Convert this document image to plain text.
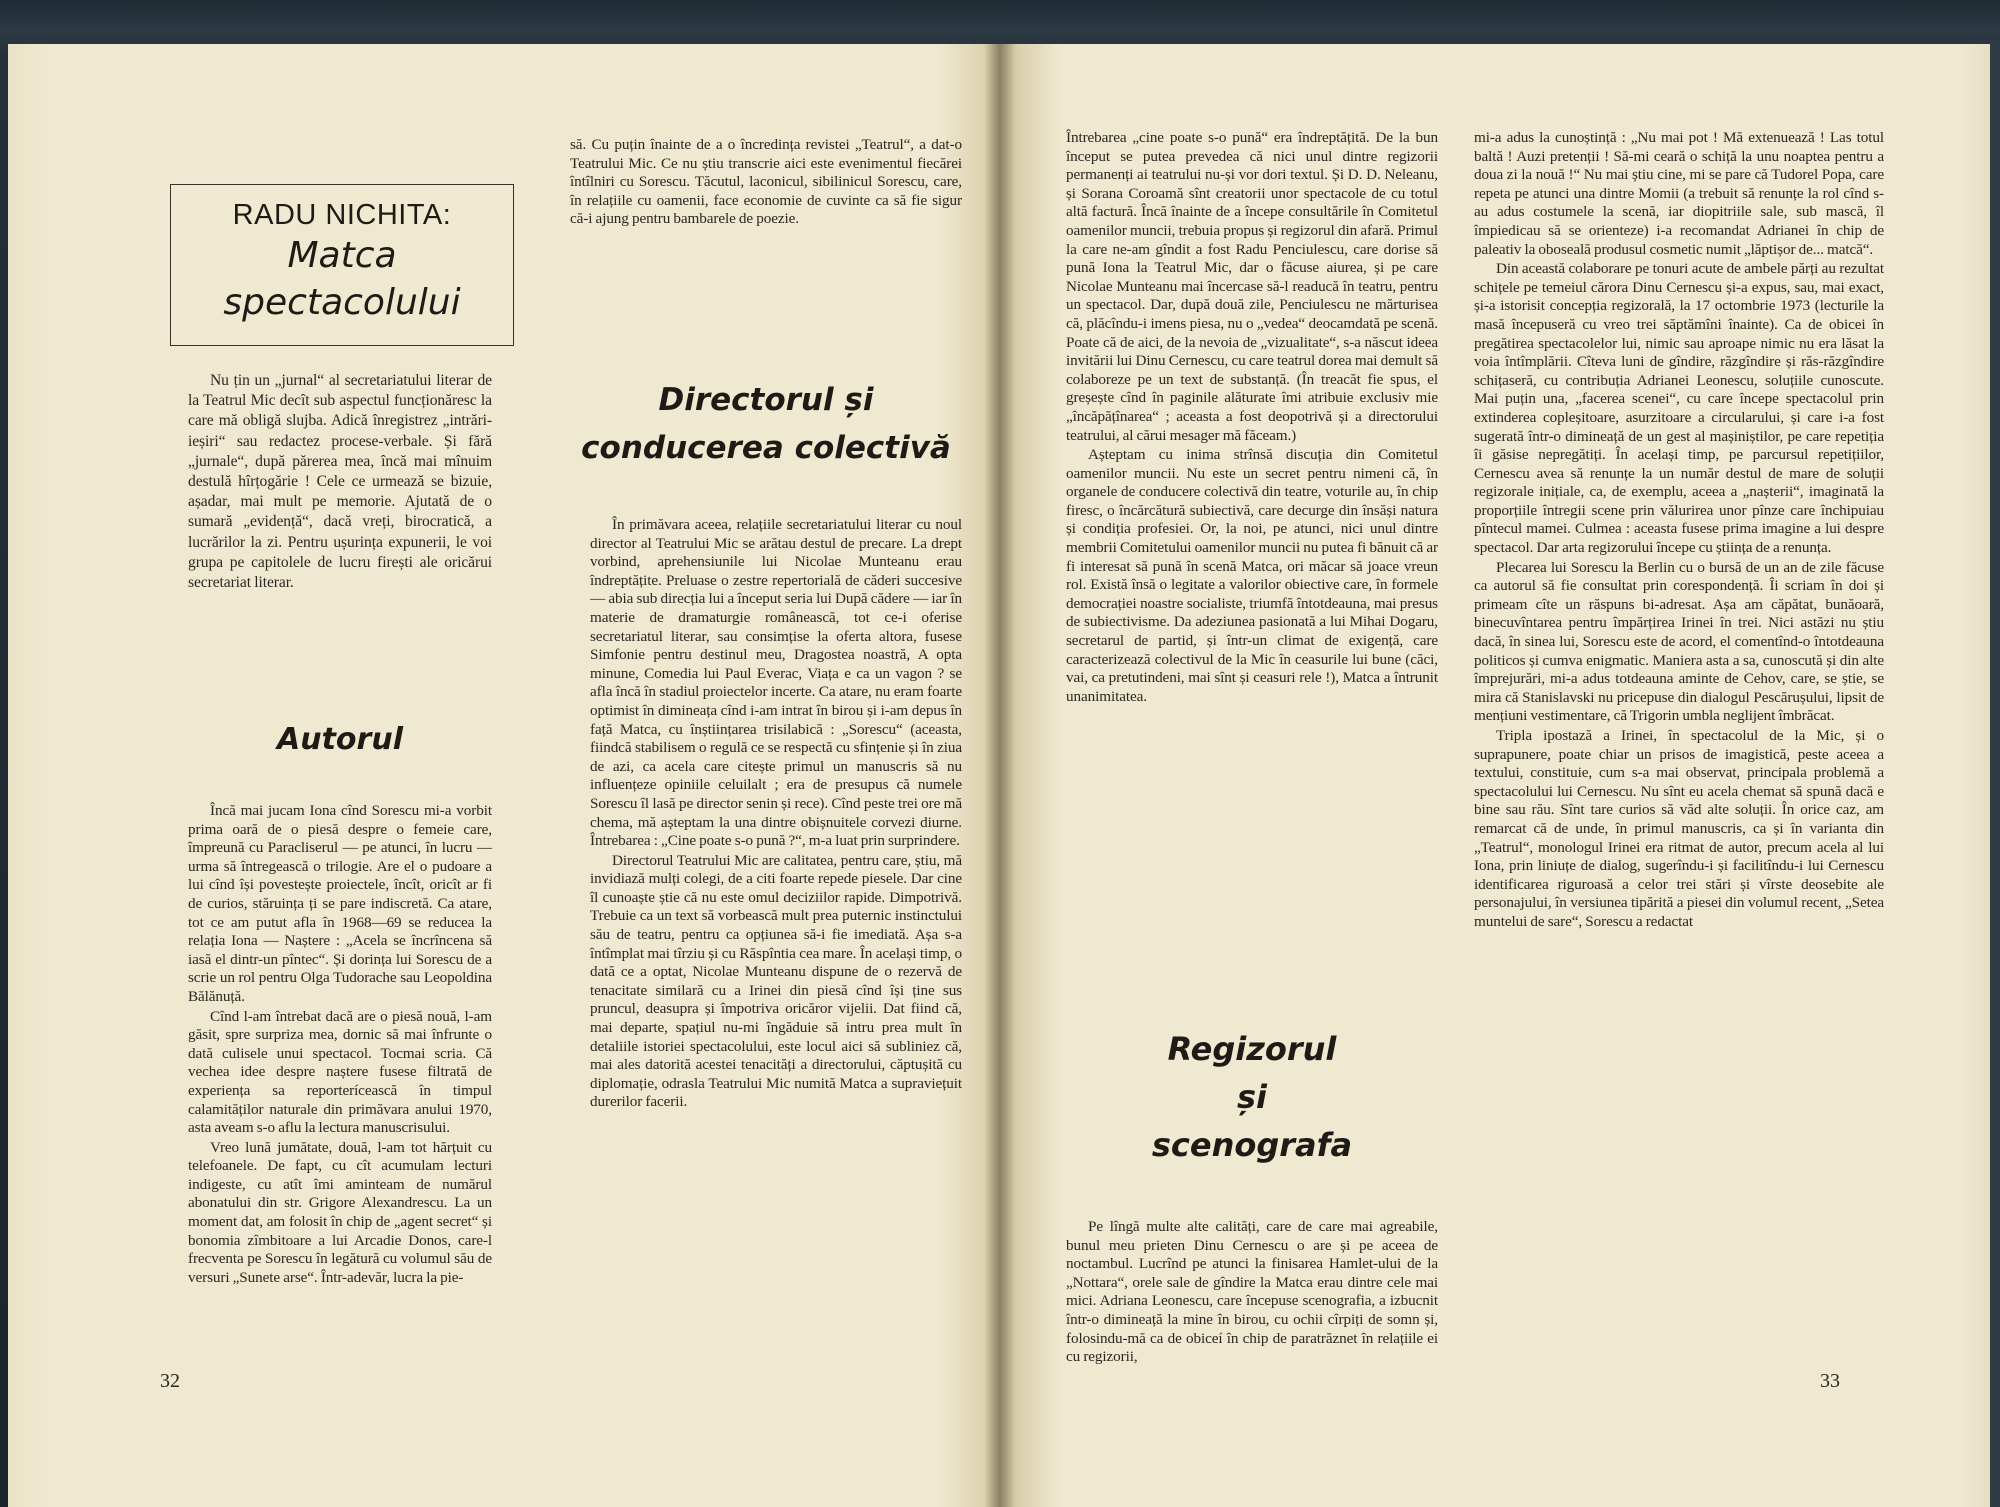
RADU NICHITA:
Matca
spectacolului

Nu țin un „jurnal“ al secretariatului literar de la Teatrul Mic decît sub aspectul funcționăresc la care mă obligă slujba. Adică înregistrez „intrări-ieșiri“ sau redactez procese-verbale. Și fără „jurnale“, după părerea mea, încă mai mînuim destulă hîrțogărie ! Cele ce urmează se bizuie, așadar, mai mult pe memorie. Ajutată de o sumară „evidență“, dacă vreți, birocratică, a lucrărilor la zi. Pentru ușurința expunerii, le voi grupa pe capitolele de lucru firești ale oricărui secretariat literar.

Autorul

Încă mai jucam Iona cînd Sorescu mi-a vorbit prima oară de o piesă despre o femeie care, împreună cu Paracliserul — pe atunci, în lucru — urma să întregească o trilogie. Are el o pudoare a lui cînd își povestește proiectele, încît, oricît ar fi de curios, stăruința ți se pare indiscretă. Ca atare, tot ce am putut afla în 1968—69 se reducea la relația Iona — Naștere : „Acela se încrîncena să iasă el dintr-un pîntec“. Și dorința lui Sorescu de a scrie un rol pentru Olga Tudorache sau Leopoldina Bălănuță.

Cînd l-am întrebat dacă are o piesă nouă, l-am găsit, spre surpriza mea, dornic să mai înfrunte o dată culisele unui spectacol. Tocmai scria. Că vechea idee despre naștere fusese filtrată de experiența sa reporterícească în timpul calamităților naturale din primăvara anului 1970, asta aveam s-o aflu la lectura manuscrisului.

Vreo lună jumătate, două, l-am tot hărțuit cu telefoanele. De fapt, cu cît acumulam lecturi indigeste, cu atît îmi aminteam de numărul abonatului din str. Grigore Alexandrescu. La un moment dat, am folosit în chip de „agent secret“ și bonomia zîmbitoare a lui Arcadie Donos, care-l frecventa pe Sorescu în legătură cu volumul său de versuri „Sunete arse“. Într-adevăr, lucra la pie-

să. Cu puțin înainte de a o încredința revistei „Teatrul“, a dat-o Teatrului Mic. Ce nu știu transcrie aici este evenimentul fiecărei întîlniri cu Sorescu. Tăcutul, laconicul, sibilinicul Sorescu, care, în relațiile cu oamenii, face economie de cuvinte ca să fie sigur că-i ajung pentru bambarele de poezie.

Directorul și
conducerea colectivă

În primăvara aceea, relațiile secretariatului literar cu noul director al Teatrului Mic se arătau destul de precare. La drept vorbind, aprehensiunile lui Nicolae Munteanu erau îndreptățite. Preluase o zestre repertorială de căderi succesive — abia sub direcția lui a început seria lui După cădere — iar în materie de dramaturgie românească, tot ce-i oferise secretariatul literar, sau consimțise la oferta altora, fusese Simfonie pentru destinul meu, Dragostea noastră, A opta minune, Comedia lui Paul Everac, Viața e ca un vagon ? se afla încă în stadiul proiectelor incerte. Ca atare, nu eram foarte optimist în dimineața cînd i-am intrat în birou și i-am depus în față Matca, cu înștiințarea trisilabică : „Sorescu“ (aceasta, fiindcă stabilisem o regulă ce se respectă cu sfințenie și în ziua de azi, ca acela care citește primul un manuscris să nu influențeze opiniile celuilalt ; era de presupus că numele Sorescu îl lasă pe director senin și rece). Cînd peste trei ore mă chema, mă așteptam la una dintre obișnuitele corvezi diurne. Întrebarea : „Cine poate s-o pună ?“, m-a luat prin surprindere.

Directorul Teatrului Mic are calitatea, pentru care, știu, mă invidiază mulți colegi, de a citi foarte repede piesele. Dar cine îl cunoaște știe că nu este omul deciziilor rapide. Dimpotrivă. Trebuie ca un text să vorbească mult prea puternic instinctului său de teatru, pentru ca opțiunea să-i fie imediată. Așa s-a întîmplat mai tîrziu și cu Răspîntia cea mare. În același timp, o dată ce a optat, Nicolae Munteanu dispune de o rezervă de tenacitate similară cu a Irinei din piesă cînd își ține sus pruncul, deasupra și împotriva oricăror vijelii. Dat fiind că, mai departe, spațiul nu-mi îngăduie să intru prea mult în detaliile istoriei spectacolului, este locul aici să subliniez că, mai ales datorită acestei tenacități a directorului, căptușită cu diplomație, odrasla Teatrului Mic numită Matca a supraviețuit durerilor facerii.

32

Întrebarea „cine poate s-o pună“ era îndreptățită. De la bun început se putea prevedea că nici unul dintre regizorii permanenți ai teatrului nu-și vor dori textul. Și D. D. Neleanu, și Sorana Coroamă sînt creatorii unor spectacole de cu totul altă factură. Încă înainte de a începe consultările în Comitetul oamenilor muncii, trebuia propus și regizorul din afară. Primul la care ne-am gîndit a fost Radu Penciulescu, care dorise să pună Iona la Teatrul Mic, dar o făcuse aiurea, și pe care Nicolae Munteanu mai încercase să-l readucă în teatru, pentru un spectacol. Dar, după două zile, Penciulescu ne mărturisea că, plăcîndu-i imens piesa, nu o „vedea“ deocamdată pe scenă. Poate că de aici, de la nevoia de „vizualitate“, s-a născut ideea invitării lui Dinu Cernescu, cu care teatrul dorea mai demult să colaboreze pe un text de substanță. (În treacăt fie spus, el greșește cînd în paginile alăturate îmi atribuie exclusiv mie „încăpățînarea“ ; aceasta a fost deopotrivă și a directorului teatrului, al cărui mesager mă făceam.)

Așteptam cu inima strînsă discuția din Comitetul oamenilor muncii. Nu este un secret pentru nimeni că, în organele de conducere colectivă din teatre, voturile au, în chip firesc, o încărcătură subiectivă, care decurge din însăși natura și condiția profesiei. Or, la noi, pe atunci, nici unul dintre membrii Comitetului oamenilor muncii nu putea fi bănuit că ar fi interesat să pună în scenă Matca, ori măcar să joace vreun rol. Există însă o legitate a valorilor obiective care, în formele democrației noastre socialiste, triumfă întotdeauna, mai presus de subiectivisme. Da adeziunea pasionată a lui Mihai Dogaru, secretarul de partid, și într-un climat de exigență, care caracterizează colectivul de la Mic în ceasurile lui bune (căci, vai, ca pretutindeni, mai sînt și ceasuri rele !), Matca a întrunit unanimitatea.

Regizorul
și
scenografa

Pe lîngă multe alte calități, care de care mai agreabile, bunul meu prieten Dinu Cernescu o are și pe aceea de noctambul. Lucrînd pe atunci la finisarea Hamlet-ului de la „Nottara“, orele sale de gîndire la Matca erau dintre cele mai mici. Adriana Leonescu, care începuse scenografia, a izbucnit într-o dimineață la mine în birou, cu ochii cîrpiți de somn și, folosindu-mă ca de obiceí în chip de paratrăznet în relațiile ei cu regizorii,

mi-a adus la cunoștință : „Nu mai pot ! Mă extenuează ! Las totul baltă ! Auzi pretenții ! Să-mi ceară o schiță la unu noaptea pentru a doua zi la nouă !“ Nu mai știu cine, mi se pare că Tudorel Popa, care repeta pe atunci una dintre Momii (a trebuit să renunțe la rol cînd s-au adus costumele la scenă, iar diopitriile sale, sub mască, îl împiedicau să se orienteze) i-a recomandat Adrianei în chip de paleativ la oboseală produsul cosmetic numit „lăptișor de... matcă“.

Din această colaborare pe tonuri acute de ambele părți au rezultat schițele pe temeiul cărora Dinu Cernescu și-a expus, sau, mai exact, și-a istorisit concepția regizorală, la 17 octombrie 1973 (lecturile la masă începuseră cu vreo trei săptămîni înainte). Ca de obicei în pregătirea spectacolelor lui, nimic sau aproape nimic nu era lăsat la voia întîmplării. Cîteva luni de gîndire, răzgîndire și răs-răzgîndire schițaseră, cu contribuția Adrianei Leonescu, soluțiile cunoscute. Mai puțin una, „facerea scenei“, cu care începe spectacolul prin extinderea copleșitoare, asurzitoare a circularului, și care i-a fost sugerată într-o dimineață de un gest al mașiniștilor, pe care repetiția îi găsise nepregătiți. În același timp, pe parcursul repetițiilor, Cernescu avea să renunțe la un număr destul de mare de soluții regizorale inițiale, ca, de exemplu, aceea a „nașterii“, imaginată la proporțiile întregii scene prin vălurirea unor pînze care închipuiau pîntecul mamei. Culmea : aceasta fusese prima imagine a lui despre spectacol. Dar arta regizorului începe cu știința de a renunța.

Plecarea lui Sorescu la Berlin cu o bursă de un an de zile făcuse ca autorul să fie consultat prin corespondență. Îi scriam în doi și primeam cîte un răspuns bi-adresat. Așa am căpătat, bunăoară, binecuvîntarea pentru împărțirea Irinei în trei. Nici astăzi nu știu dacă, în sinea lui, Sorescu este de acord, el comentînd-o întotdeauna politicos și cumva enigmatic. Maniera asta a sa, cunoscută și din alte împrejurări, mi-a adus totdeauna aminte de Cehov, care, se știe, se mira că Stanislavski nu pricepuse din dialogul Pescărușului, lipsit de mențiuni vestimentare, că Trigorin umbla neglijent îmbrăcat.

Tripla ipostază a Irinei, în spectacolul de la Mic, și o suprapunere, poate chiar un prisos de imagistică, peste aceea a textului, constituie, cum s-a mai observat, principala problemă a spectacolului lui Cernescu. Nu sînt eu acela chemat să spună dacă e bine sau rău. Sînt tare curios să văd alte soluții. În orice caz, am remarcat că de unde, în primul manuscris, ca și în varianta din „Teatrul“, monologul Irinei era ritmat de autor, precum acela al lui Iona, prin liniuțe de dialog, sugerîndu-i și facilitîndu-i lui Cernescu identificarea riguroasă a celor trei stări și vîrste deosebite ale personajului, în versiunea tipărită a piesei din volumul recent, „Setea muntelui de sare“, Sorescu a redactat

33
